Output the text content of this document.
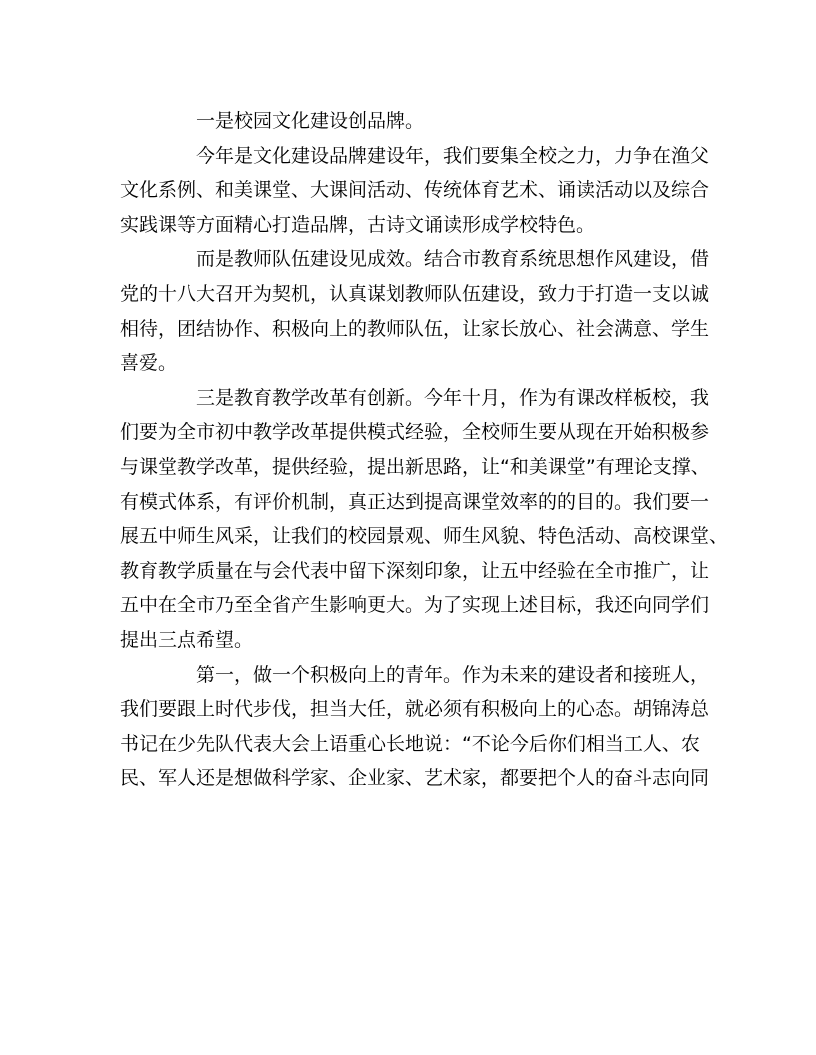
一是校园文化建设创品牌。
今年是文化建设品牌建设年，我们要集全校之力，力争在渔父
文化系例、和美课堂、大课间活动、传统体育艺术、诵读活动以及综合
实践课等方面精心打造品牌，古诗文诵读形成学校特色。
而是教师队伍建设见成效。结合市教育系统思想作风建设，借
党的十八大召开为契机，认真谋划教师队伍建设，致力于打造一支以诚
相待，团结协作、积极向上的教师队伍，让家长放心、社会满意、学生
喜爱。
三是教育教学改革有创新。今年十月，作为有课改样板校，我
们要为全市初中教学改革提供模式经验，全校师生要从现在开始积极参
与课堂教学改革，提供经验，提出新思路，让“和美课堂”有理论支撑、
有模式体系，有评价机制，真正达到提高课堂效率的的目的。我们要一
展五中师生风采，让我们的校园景观、师生风貌、特色活动、高校课堂、
教育教学质量在与会代表中留下深刻印象，让五中经验在全市推广，让
五中在全市乃至全省产生影响更大。为了实现上述目标，我还向同学们
提出三点希望。
第一，做一个积极向上的青年。作为未来的建设者和接班人，
我们要跟上时代步伐，担当大任，就必须有积极向上的心态。胡锦涛总
书记在少先队代表大会上语重心长地说：“不论今后你们相当工人、农
民、军人还是想做科学家、企业家、艺术家，都要把个人的奋斗志向同
